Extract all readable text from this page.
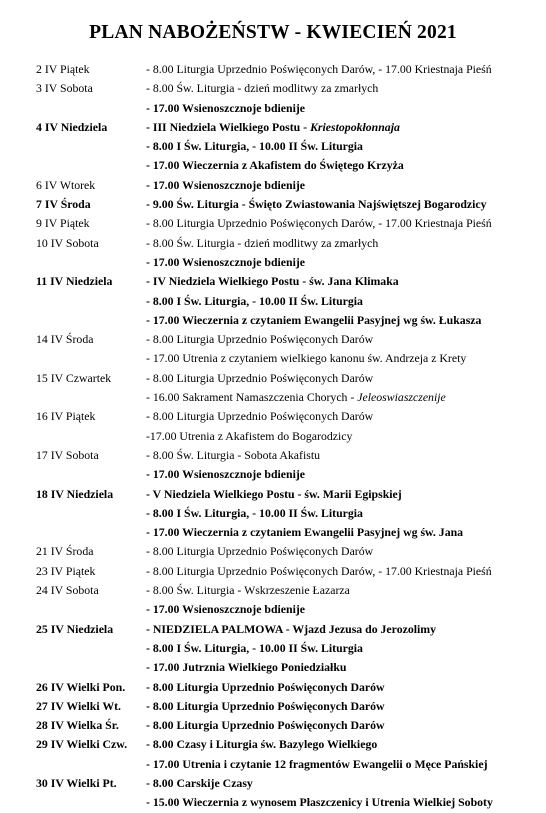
PLAN NABOŻEŃSTW - KWIECIEŃ 2021
2 IV Piątek	- 8.00 Liturgia Uprzednio Poświęconych Darów, - 17.00 Kriestnaja Pieśń
3 IV Sobota	- 8.00 Św. Liturgia - dzień modlitwy za zmarłych
- 17.00 Wsienoszcznoje bdienije
4 IV Niedziela	- III Niedziela Wielkiego Postu - Kriestopokłonnaja
- 8.00 I Św. Liturgia, - 10.00 II Św. Liturgia
- 17.00 Wieczernia z Akafistem do Świętego Krzyża
6 IV Wtorek	- 17.00 Wsienoszcznoje bdienije
7 IV Środa	- 9.00 Św. Liturgia - Święto Zwiastowania Najświętszej Bogarodzicy
9 IV Piątek	- 8.00 Liturgia Uprzednio Poświęconych Darów, - 17.00 Kriestnaja Pieśń
10 IV Sobota	- 8.00 Św. Liturgia - dzień modlitwy za zmarłych
- 17.00 Wsienoszcznoje bdienije
11 IV Niedziela	- IV Niedziela Wielkiego Postu - św. Jana Klimaka
- 8.00 I Św. Liturgia, - 10.00 II Św. Liturgia
- 17.00 Wieczernia z czytaniem Ewangelii Pasyjnej wg św. Łukasza
14 IV Środa	- 8.00 Liturgia Uprzednio Poświęconych Darów
- 17.00 Utrenia z czytaniem wielkiego kanonu św. Andrzeja z Krety
15 IV Czwartek	- 8.00 Liturgia Uprzednio Poświęconych Darów
- 16.00 Sakrament Namaszczenia Chorych - Jeleoswiaszczenije
16 IV Piątek	- 8.00 Liturgia Uprzednio Poświęconych Darów
-17.00 Utrenia z Akafistem do Bogarodzicy
17 IV Sobota	- 8.00 Św. Liturgia - Sobota Akafistu
- 17.00 Wsienoszcznoje bdienije
18 IV Niedziela	- V Niedziela Wielkiego Postu - św. Marii Egipskiej
- 8.00 I Św. Liturgia, - 10.00 II Św. Liturgia
- 17.00 Wieczernia z czytaniem Ewangelii Pasyjnej wg św. Jana
21 IV Środa	- 8.00 Liturgia Uprzednio Poświęconych Darów
23 IV Piątek	- 8.00 Liturgia Uprzednio Poświęconych Darów, - 17.00 Kriestnaja Pieśń
24 IV Sobota	- 8.00 Św. Liturgia - Wskrzeszenie Łazarza
- 17.00 Wsienoszcznoje bdienije
25 IV Niedziela	- NIEDZIELA PALMOWA - Wjazd Jezusa do Jerozolimy
- 8.00 I Św. Liturgia, - 10.00 II Św. Liturgia
- 17.00 Jutrznia Wielkiego Poniedziałku
26 IV Wielki Pon. - 8.00 Liturgia Uprzednio Poświęconych Darów
27 IV Wielki Wt. - 8.00 Liturgia Uprzednio Poświęconych Darów
28 IV Wielka Śr. - 8.00 Liturgia Uprzednio Poświęconych Darów
29 IV Wielki Czw. - 8.00 Czasy i Liturgia św. Bazylego Wielkiego
- 17.00 Utrenia i czytanie 12 fragmentów Ewangelii o Męce Pańskiej
30 IV Wielki Pt. - 8.00 Carskije Czasy
- 15.00 Wieczernia z wynosem Płaszczenicy i Utrenia Wielkiej Soboty
